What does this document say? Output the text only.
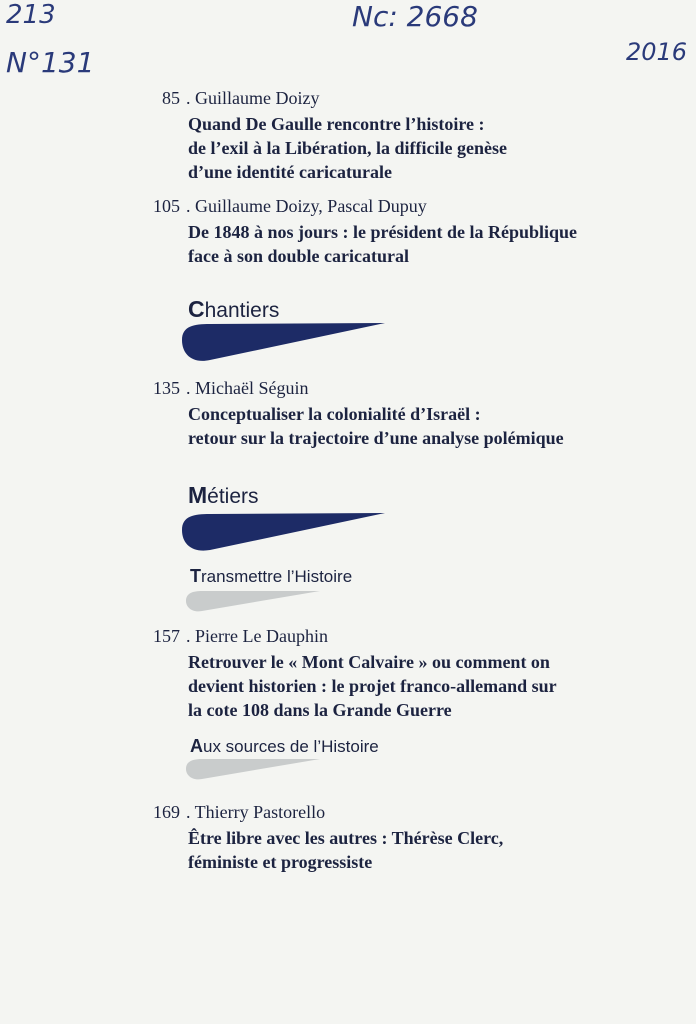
213
N°131
Nc: 2668
2016
85 . Guillaume Doizy
Quand De Gaulle rencontre l’histoire :
de l’exil à la Libération, la difficile genèse
d’une identité caricaturale
105 . Guillaume Doizy, Pascal Dupuy
De 1848 à nos jours : le président de la République
face à son double caricatural
Chantiers
135 . Michaël Séguin
Conceptualiser la colonialité d’Israël :
retour sur la trajectoire d’une analyse polémique
Métiers
Transmettre l’Histoire
157 . Pierre Le Dauphin
Retrouver le « Mont Calvaire » ou comment on
devient historien : le projet franco-allemand sur
la cote 108 dans la Grande Guerre
Aux sources de l’Histoire
169 . Thierry Pastorello
Être libre avec les autres : Thérèse Clerc,
féministe et progressiste
